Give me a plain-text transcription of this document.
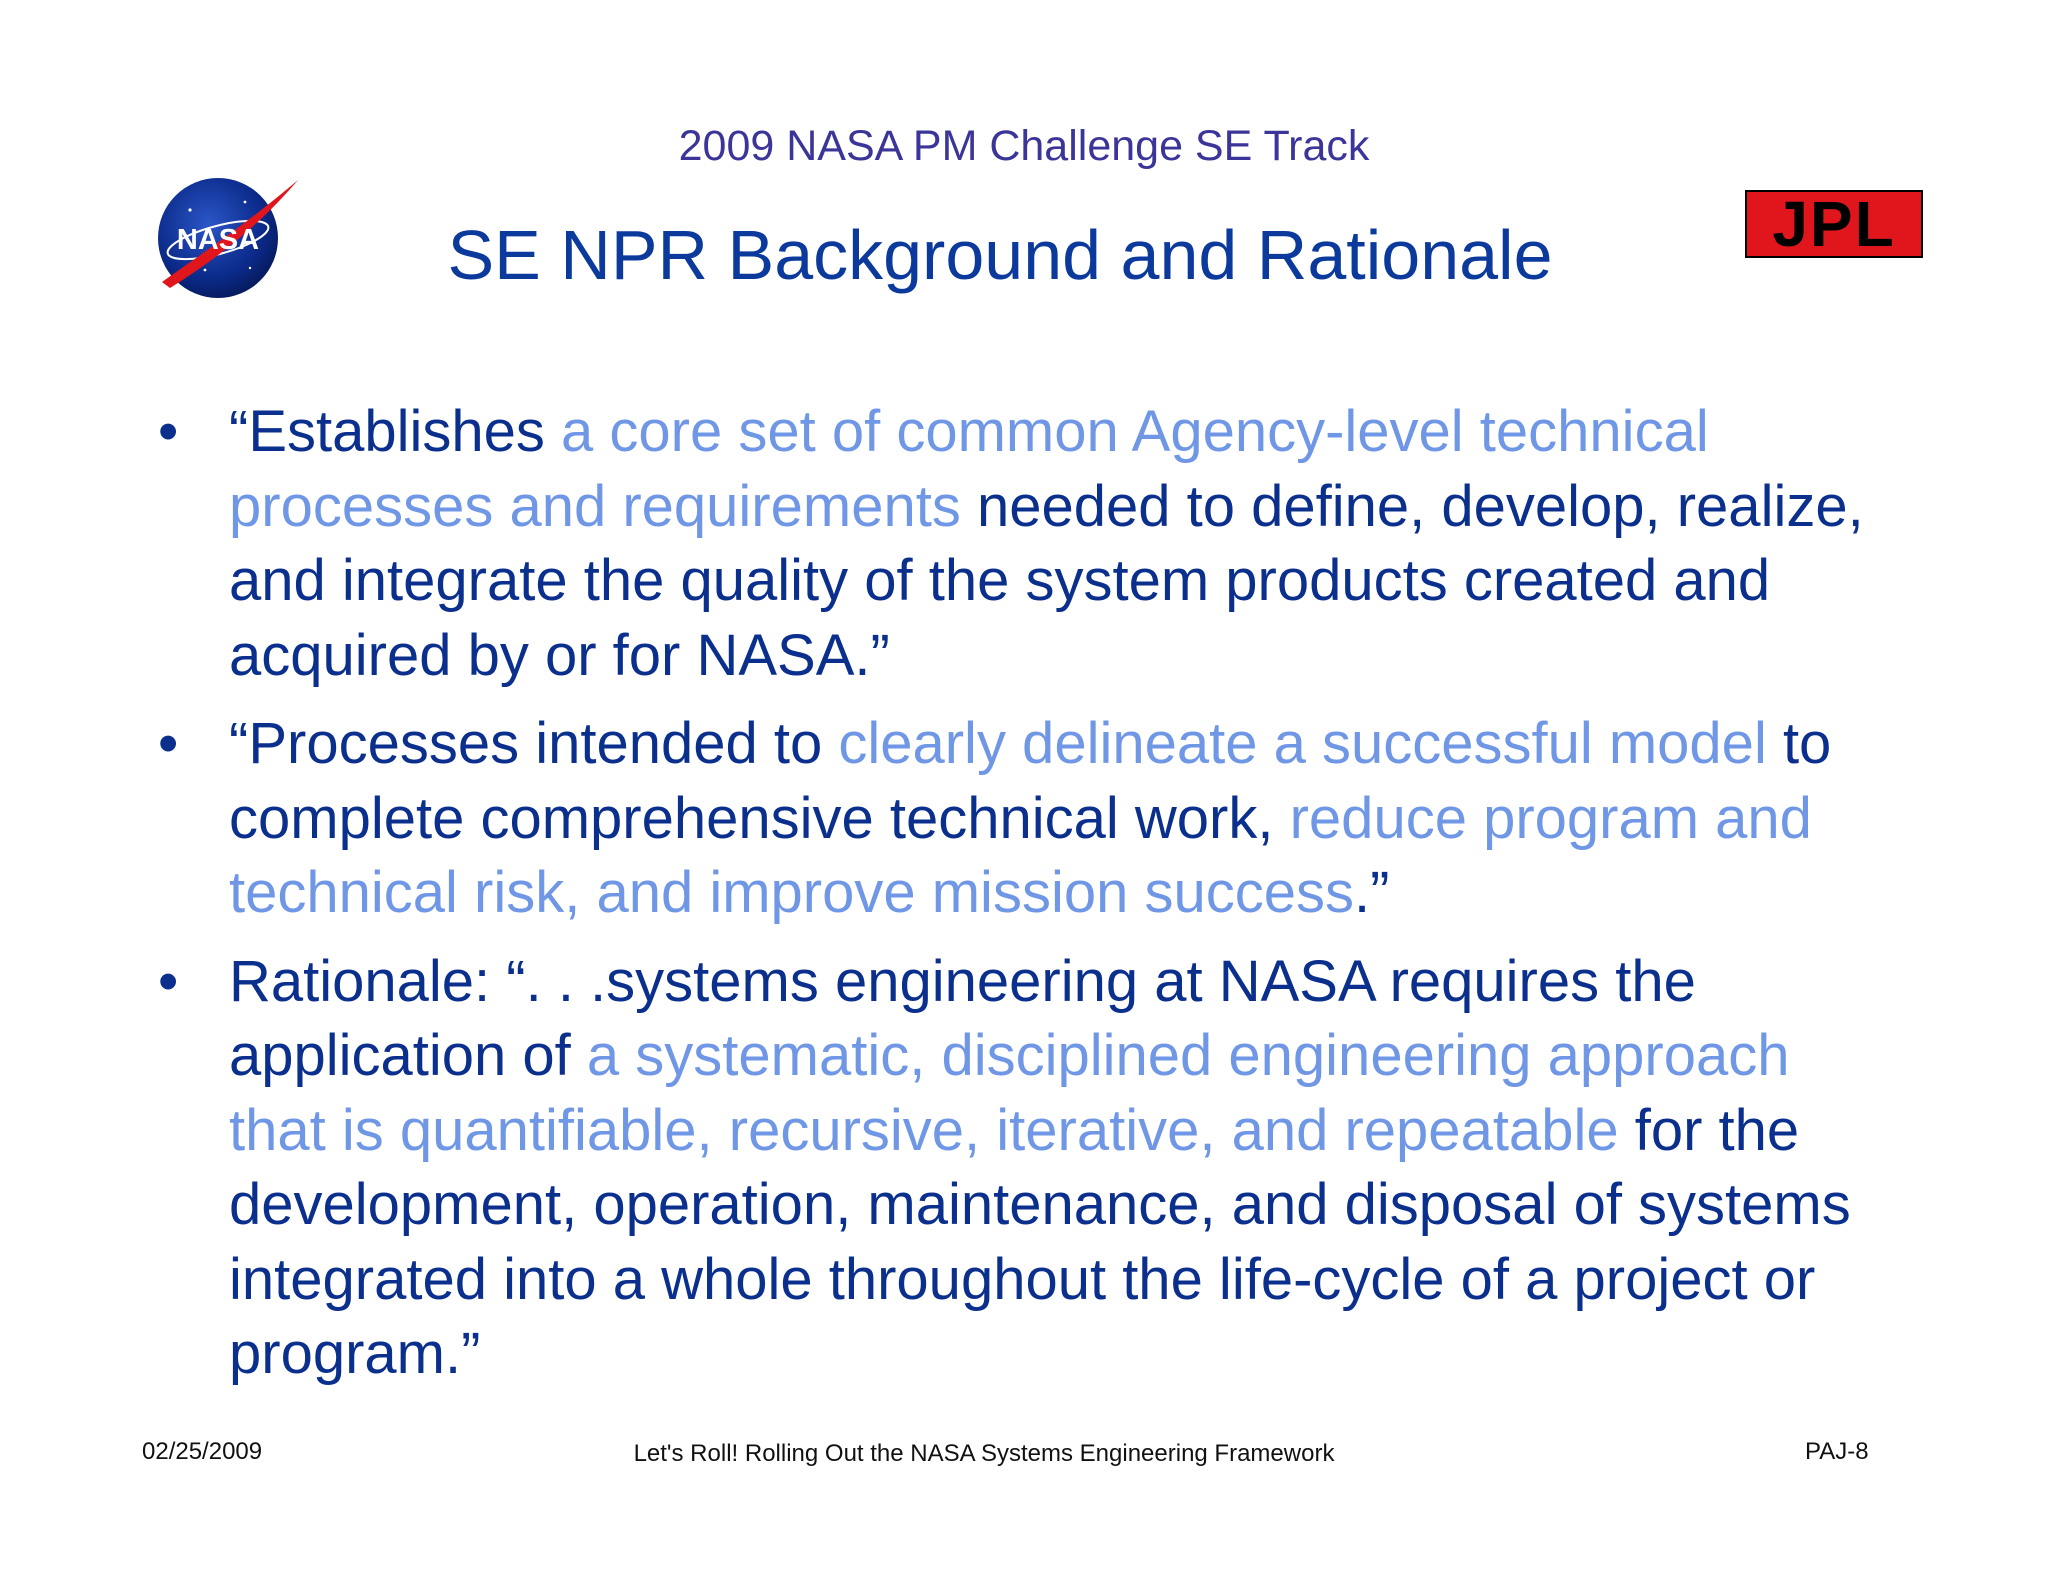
2009 NASA PM Challenge SE Track
NASA	SE NPR Background and Rationale	JPL
• “Establishes a core set of common Agency-level technical processes and requirements needed to define, develop, realize, and integrate the quality of the system products created and acquired by or for NASA.”
• “Processes intended to clearly delineate a successful model to complete comprehensive technical work, reduce program and technical risk, and improve mission success.”
• Rationale: “. . .systems engineering at NASA requires the application of a systematic, disciplined engineering approach that is quantifiable, recursive, iterative, and repeatable for the development, operation, maintenance, and disposal of systems integrated into a whole throughout the life-cycle of a project or program.”
02/25/2009	Let's Roll! Rolling Out the NASA Systems Engineering Framework	PAJ-8
